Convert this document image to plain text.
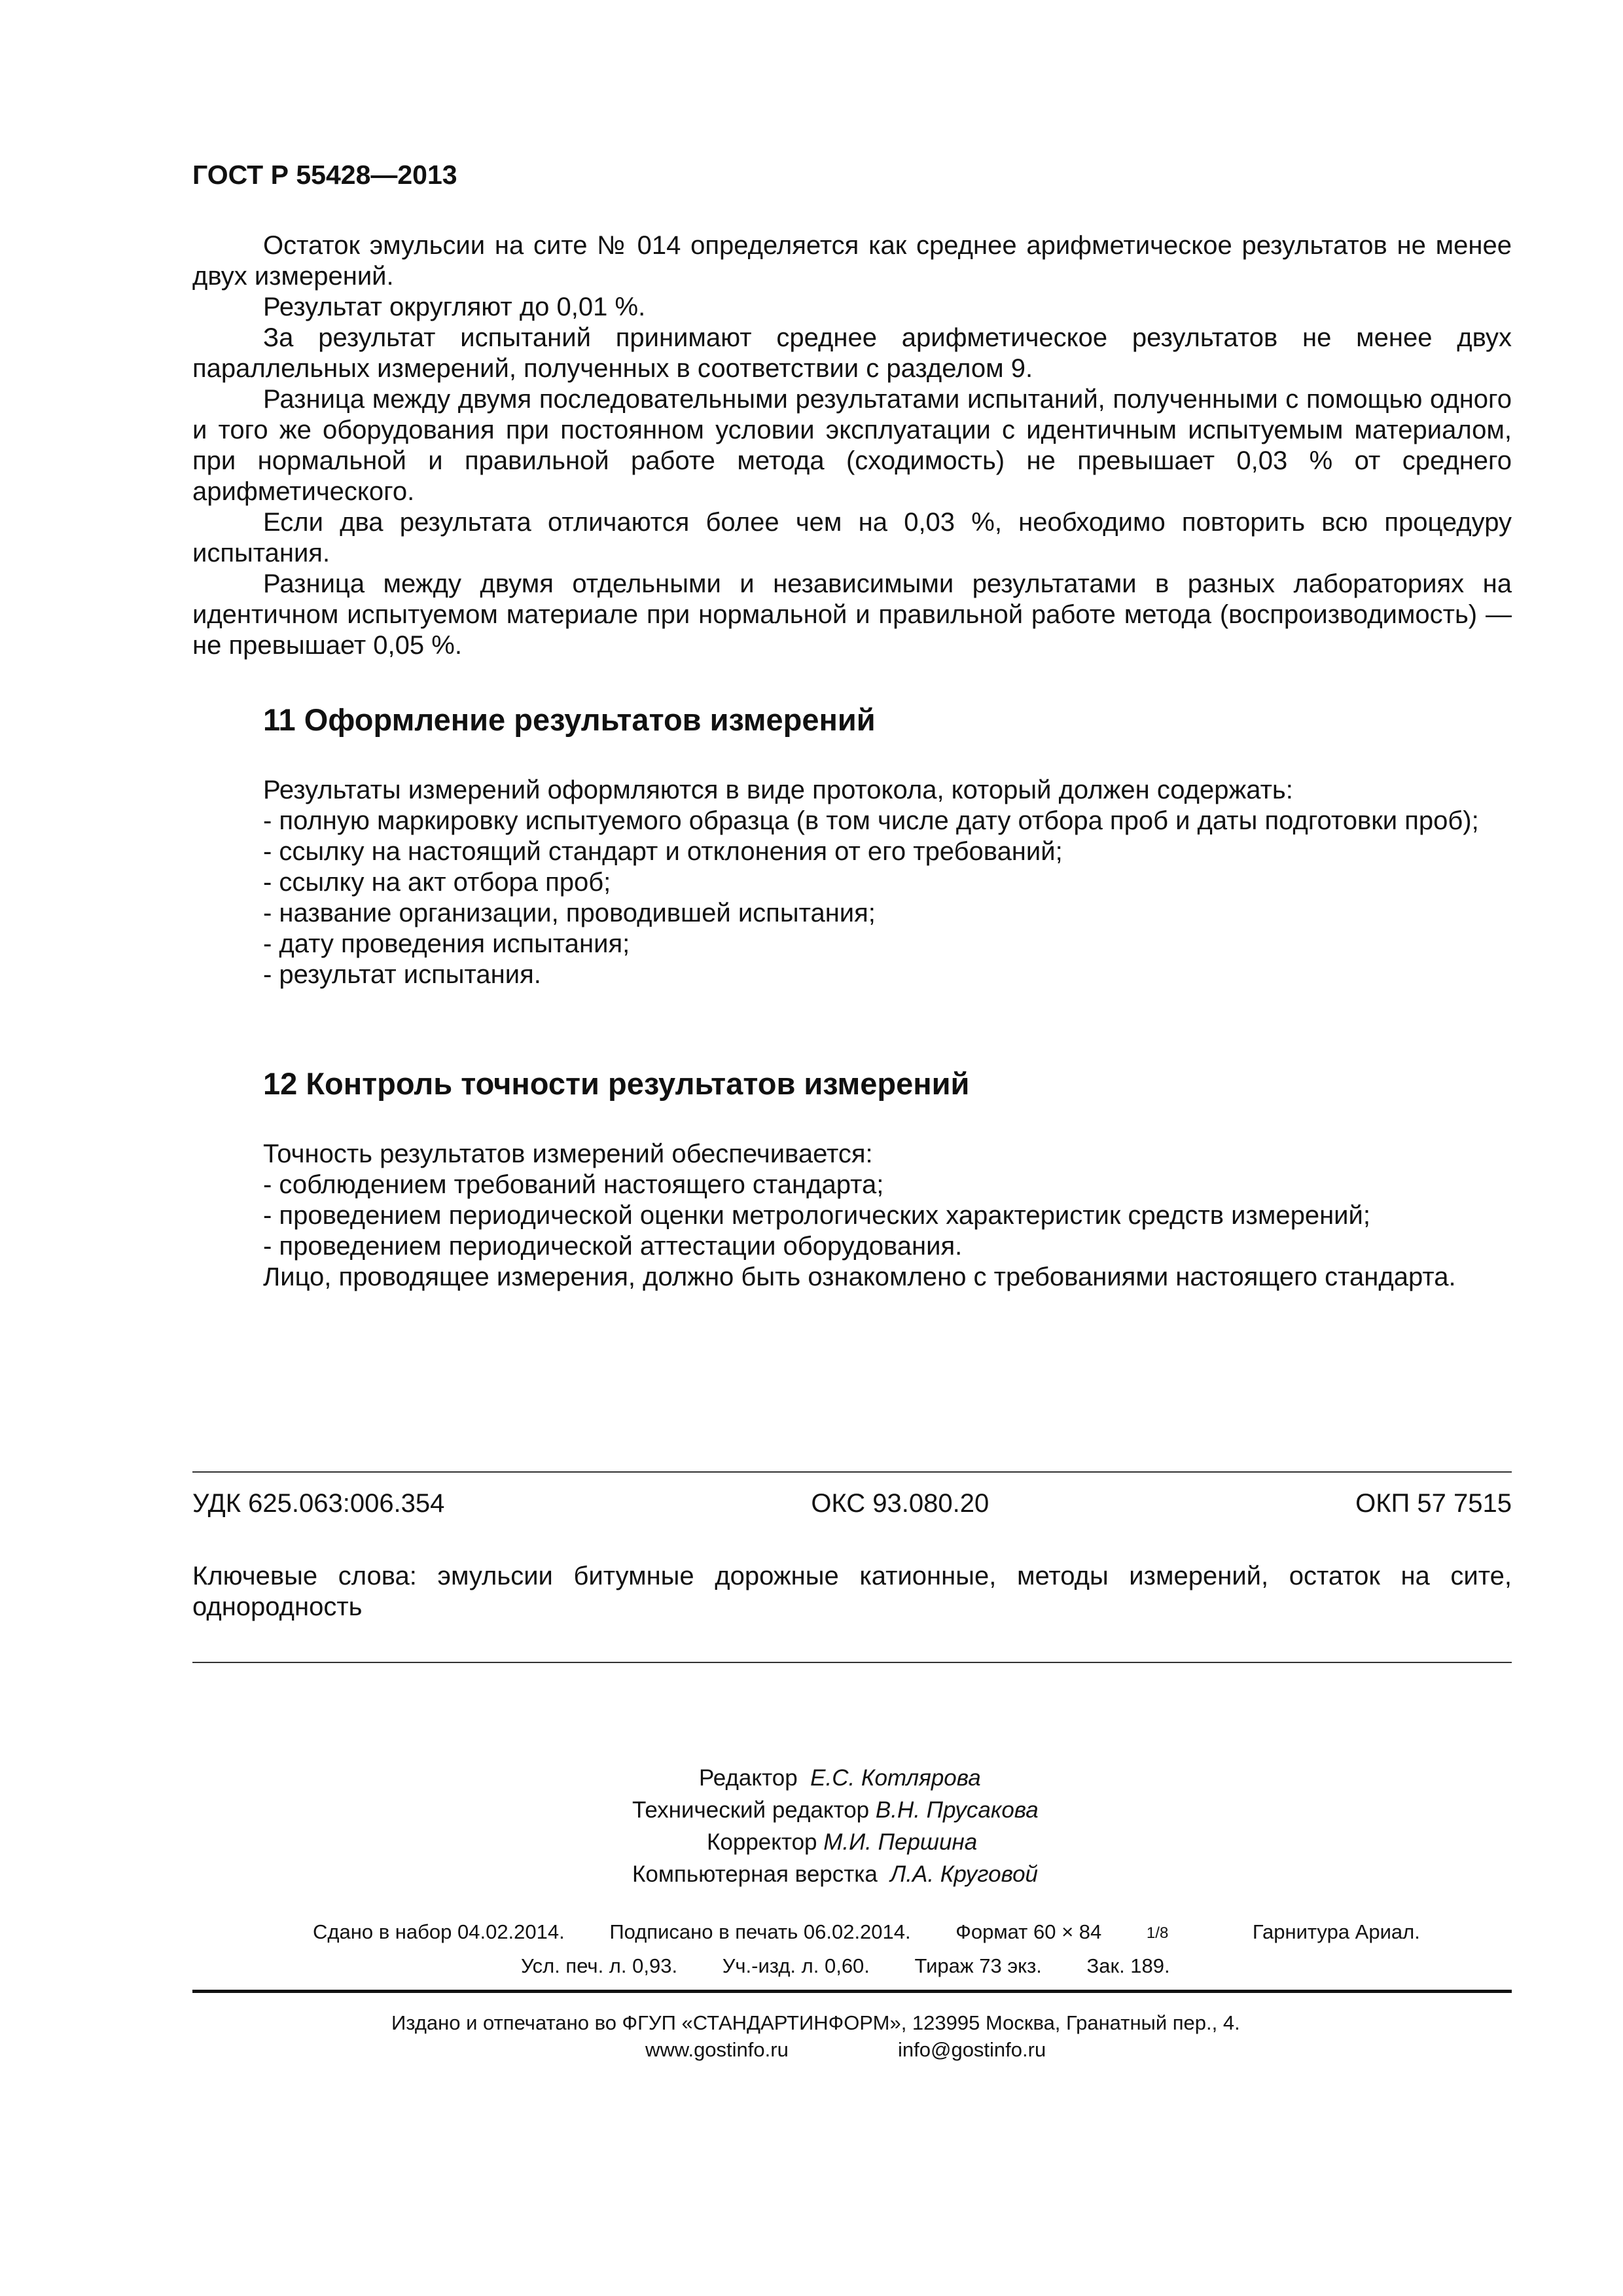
ГОСТ Р 55428—2013

Остаток эмульсии на сите № 014 определяется как среднее арифметическое результатов не менее двух измерений.

Результат округляют до 0,01 %.

За результат испытаний принимают среднее арифметическое результатов не менее двух параллельных измерений, полученных в соответствии с разделом 9.

Разница между двумя последовательными результатами испытаний, полученными с помощью одного и того же оборудования при постоянном условии эксплуатации с идентичным испытуемым материалом, при нормальной и правильной работе метода (сходимость) не превышает 0,03 % от среднего арифметического.

Если два результата отличаются более чем на 0,03 %, необходимо повторить всю процедуру испытания.

Разница между двумя отдельными и независимыми результатами в разных лабораториях на идентичном испытуемом материале при нормальной и правильной работе метода (воспроизводимость) — не превышает 0,05 %.

11 Оформление результатов измерений

Результаты измерений оформляются в виде протокола, который должен содержать:

- полную маркировку испытуемого образца (в том числе дату отбора проб и даты подготовки проб);

- ссылку на настоящий стандарт и отклонения от его требований;

- ссылку на акт отбора проб;

- название организации, проводившей испытания;

- дату проведения испытания;

- результат испытания.

12 Контроль точности результатов измерений

Точность результатов измерений обеспечивается:

- соблюдением требований настоящего стандарта;

- проведением периодической оценки метрологических характеристик средств измерений;

- проведением периодической аттестации оборудования.

Лицо, проводящее измерения, должно быть ознакомлено с требованиями настоящего стандарта.

УДК 625.063:006.354	ОКС 93.080.20	ОКП 57 7515
Ключевые слова: эмульсии битумные дорожные катионные, методы измерений, остаток на сите, однородность
Редактор Е.С. Котлярова
Технический редактор В.Н. Прусакова
Корректор М.И. Першина
Компьютерная верстка Л.А. Круговой
Сдано в набор 04.02.2014. Подписано в печать 06.02.2014. Формат 60 × 84	1/8	Гарнитура Ариал.
Усл. печ. л. 0,93. Уч.-изд. л. 0,60. Тираж 73 экз. Зак. 189.
Издано и отпечатано во ФГУП «СТАНДАРТИНФОРМ», 123995 Москва, Гранатный пер., 4.
www.gostinfo.ru	info@gostinfo.ru
